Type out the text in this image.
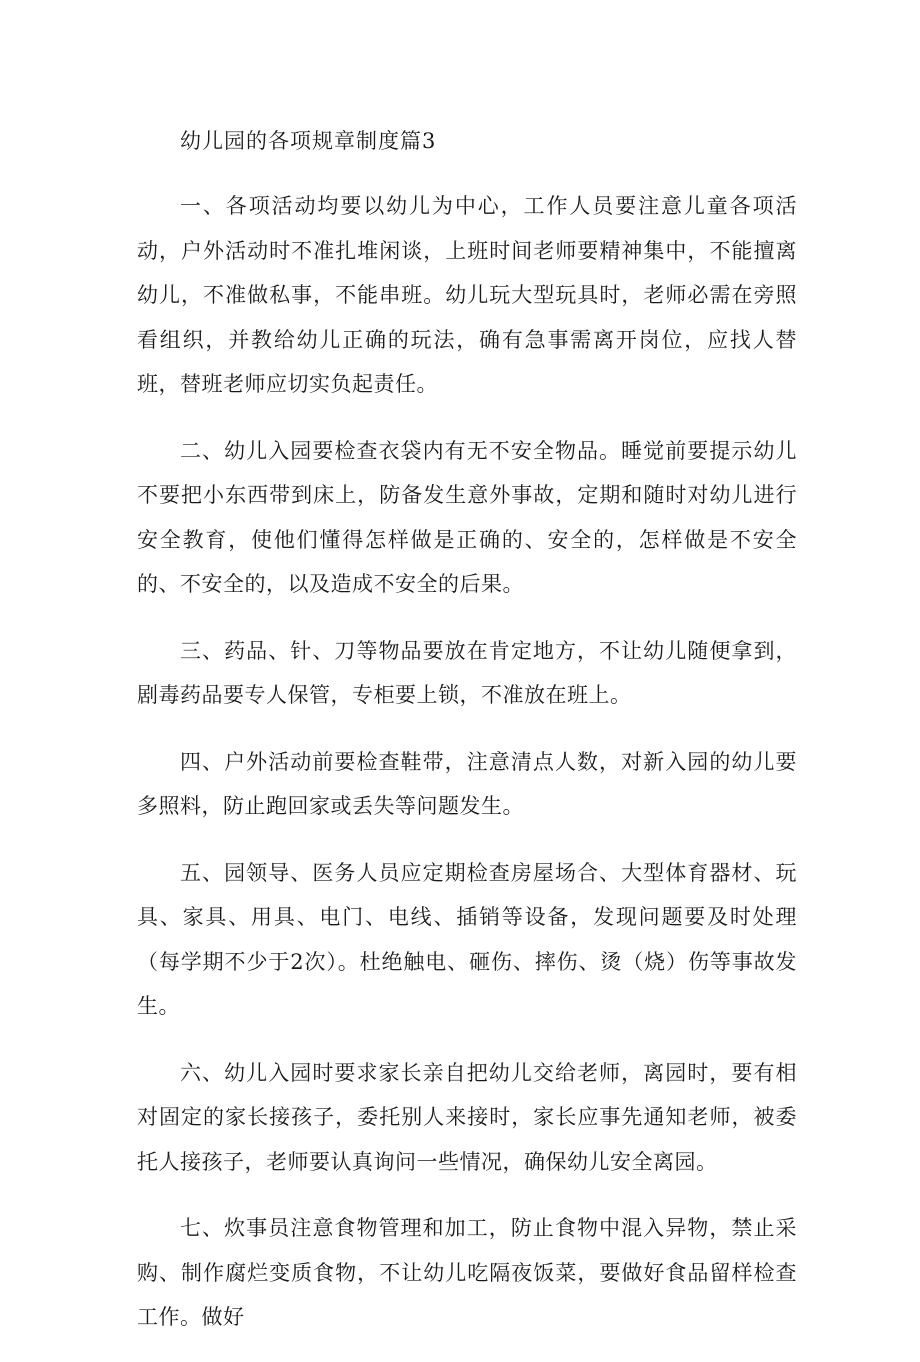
幼儿园的各项规章制度篇3

一、各项活动均要以幼儿为中心，工作人员要注意儿童各项活动，户外活动时不准扎堆闲谈，上班时间老师要精神集中，不能擅离幼儿，不准做私事，不能串班。幼儿玩大型玩具时，老师必需在旁照看组织，并教给幼儿正确的玩法，确有急事需离开岗位，应找人替班，替班老师应切实负起责任。

二、幼儿入园要检查衣袋内有无不安全物品。睡觉前要提示幼儿不要把小东西带到床上，防备发生意外事故，定期和随时对幼儿进行安全教育，使他们懂得怎样做是正确的、安全的，怎样做是不安全的、不安全的，以及造成不安全的后果。

三、药品、针、刀等物品要放在肯定地方，不让幼儿随便拿到，剧毒药品要专人保管，专柜要上锁，不准放在班上。

四、户外活动前要检查鞋带，注意清点人数，对新入园的幼儿要多照料，防止跑回家或丢失等问题发生。

五、园领导、医务人员应定期检查房屋场合、大型体育器材、玩具、家具、用具、电门、电线、插销等设备，发现问题要及时处理（每学期不少于2次）。杜绝触电、砸伤、摔伤、烫（烧）伤等事故发生。

六、幼儿入园时要求家长亲自把幼儿交给老师，离园时，要有相对固定的家长接孩子，委托别人来接时，家长应事先通知老师，被委托人接孩子，老师要认真询问一些情况，确保幼儿安全离园。

七、炊事员注意食物管理和加工，防止食物中混入异物，禁止采购、制作腐烂变质食物，不让幼儿吃隔夜饭菜，要做好食品留样检查工作。做好
